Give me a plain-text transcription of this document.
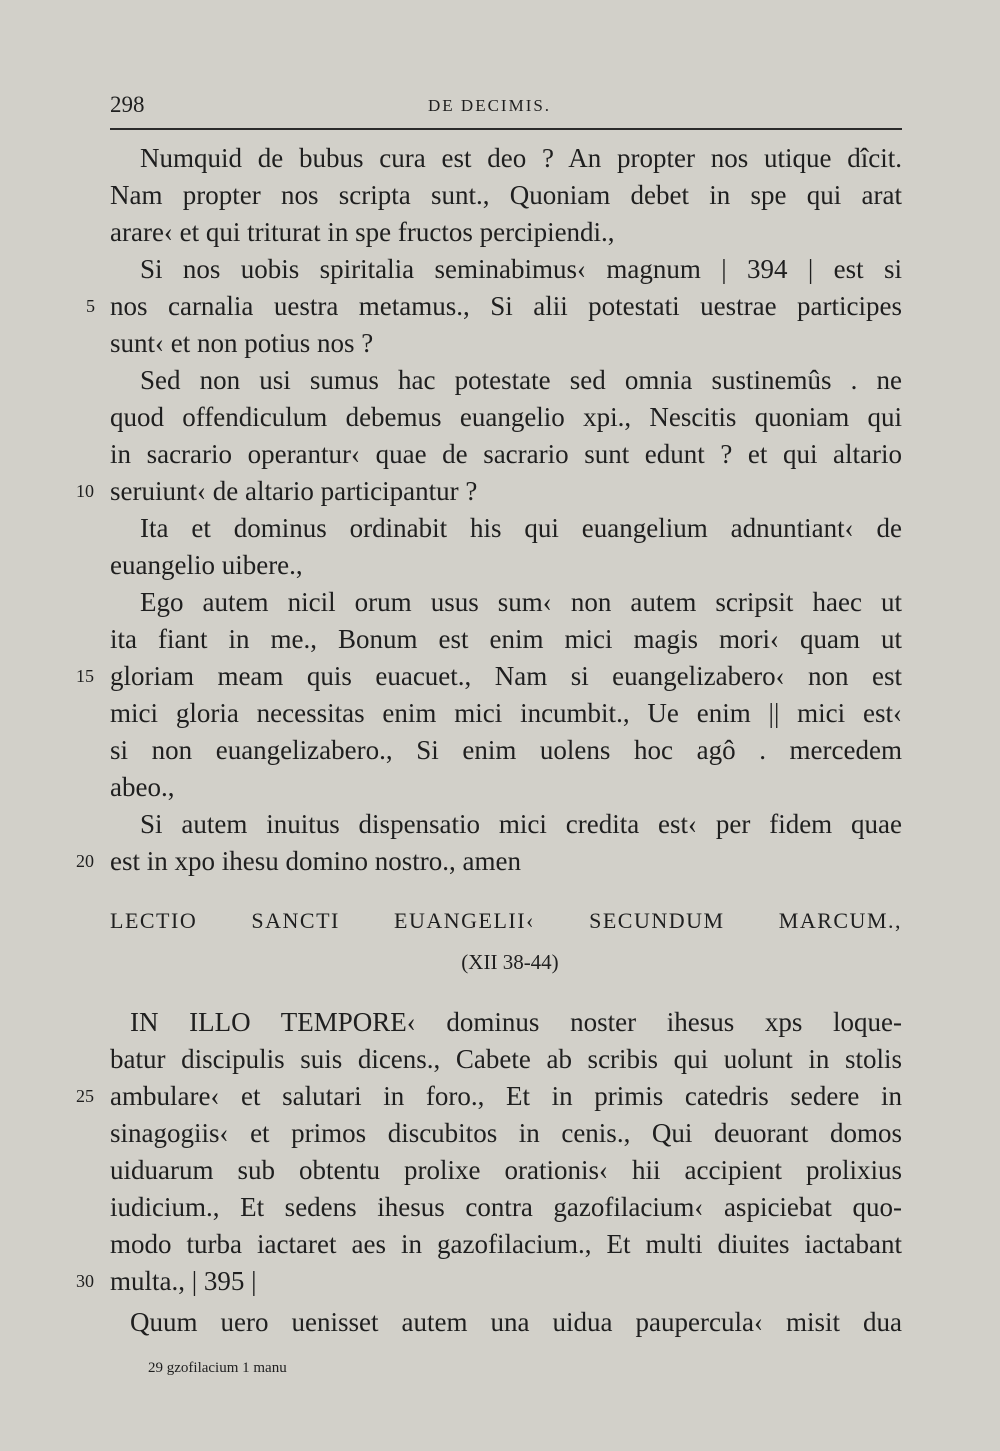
298	DE DECIMIS.
Numquid de bubus cura est deo ? An propter nos utique dîcit.
Nam propter nos scripta sunt., Quoniam debet in spe qui arat
arare‹ et qui triturat in spe fructos percipiendi.,
Si nos uobis spiritalia seminabimus‹ magnum | 394 | est si
nos carnalia uestra metamus., Si alii potestati uestrae participes
5
sunt‹ et non potius nos ?
Sed non usi sumus hac potestate sed omnia sustinemûs . ne
quod offendiculum debemus euangelio xpi., Nescitis quoniam qui
in sacrario operantur‹ quae de sacrario sunt edunt ? et qui altario
seruiunt‹ de altario participantur ?
10
Ita et dominus ordinabit his qui euangelium adnuntiant‹ de
euangelio uibere.,
Ego autem nicil orum usus sum‹ non autem scripsit haec ut
ita fiant in me., Bonum est enim mici magis mori‹ quam ut
gloriam meam quis euacuet., Nam si euangelizabero‹ non est
15
mici gloria necessitas enim mici incumbit., Ue enim || mici est‹
si non euangelizabero., Si enim uolens hoc agô . mercedem
abeo.,
Si autem inuitus dispensatio mici credita est‹ per fidem quae
est in xpo ihesu domino nostro., amen
20
LECTIO SANCTI EUANGELII‹ SECUNDUM MARCUM.,
(XII 38-44)
IN ILLO TEMPORE‹ dominus noster ihesus xps loque-
batur discipulis suis dicens., Cabete ab scribis qui uolunt in stolis
ambulare‹ et salutari in foro., Et in primis catedris sedere in
25
sinagogiis‹ et primos discubitos in cenis., Qui deuorant domos
uiduarum sub obtentu prolixe orationis‹ hii accipient prolixius
iudicium., Et sedens ihesus contra gazofilacium‹ aspiciebat quo-
modo turba iactaret aes in gazofilacium., Et multi diuites iactabant
multa., | 395 |
30
Quum uero uenisset autem una uidua paupercula‹ misit dua
29 gzofilacium 1 manu
